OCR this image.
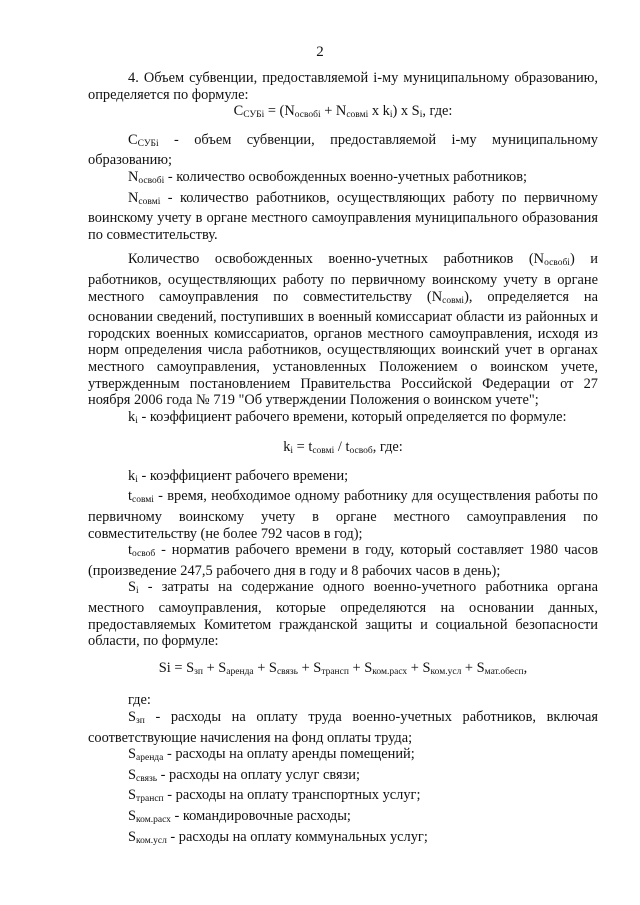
2

4. Объем субвенции, предоставляемой i-му муниципальному образованию, определяется по формуле:

$С_{СУБi} = (N_{освобi} + N_{совмi}$ х $k_i$) х $S_i$, где:

$С_{СУБi}$ - объем субвенции, предоставляемой i-му муниципальному образованию;

$N_{освобi}$ - количество освобожденных военно-учетных работников;

$N_{совмi}$ - количество работников, осуществляющих работу по первичному воинскому учету в органе местного самоуправления муниципального образования по совместительству.

Количество освобожденных военно-учетных работников $(N_{освобi})$ и работников, осуществляющих работу по первичному воинскому учету в органе местного самоуправления по совместительству $(N_{совмi})$, определяется на основании сведений, поступивших в военный комиссариат области из районных и городских военных комиссариатов, органов местного самоуправления, исходя из норм определения числа работников, осуществляющих воинский учет в органах местного самоуправления, установленных Положением о воинском учете, утвержденным постановлением Правительства Российской Федерации от 27 ноября 2006 года № 719 "Об утверждении Положения о воинском учете";

$k_i$ - коэффициент рабочего времени, который определяется по формуле:

$k_i = t_{совмi} / t_{освоб}$, где:

$k_i$ - коэффициент рабочего времени;

$t_{совмi}$ - время, необходимое одному работнику для осуществления работы по первичному воинскому учету в органе местного самоуправления по совместительству (не более 792 часов в год);

$t_{освоб}$ - норматив рабочего времени в году, который составляет 1980 часов (произведение 247,5 рабочего дня в году и 8 рабочих часов в день);

$S_i$ - затраты на содержание одного военно-учетного работника органа местного самоуправления, которые определяются на основании данных, предоставляемых Комитетом гражданской защиты и социальной безопасности области, по формуле:

$Si = S_{зп} + S_{аренда} + S_{связь} + S_{трансп} + S_{ком.расх} + S_{ком.усл} + S_{мат.обесп}$,

где:

$S_{зп}$ - расходы на оплату труда военно-учетных работников, включая соответствующие начисления на фонд оплаты труда;

$S_{аренда}$ - расходы на оплату аренды помещений;

$S_{связь}$ - расходы на оплату услуг связи;

$S_{трансп}$ - расходы на оплату транспортных услуг;

$S_{ком.расх}$ - командировочные расходы;

$S_{ком.усл}$ - расходы на оплату коммунальных услуг;
